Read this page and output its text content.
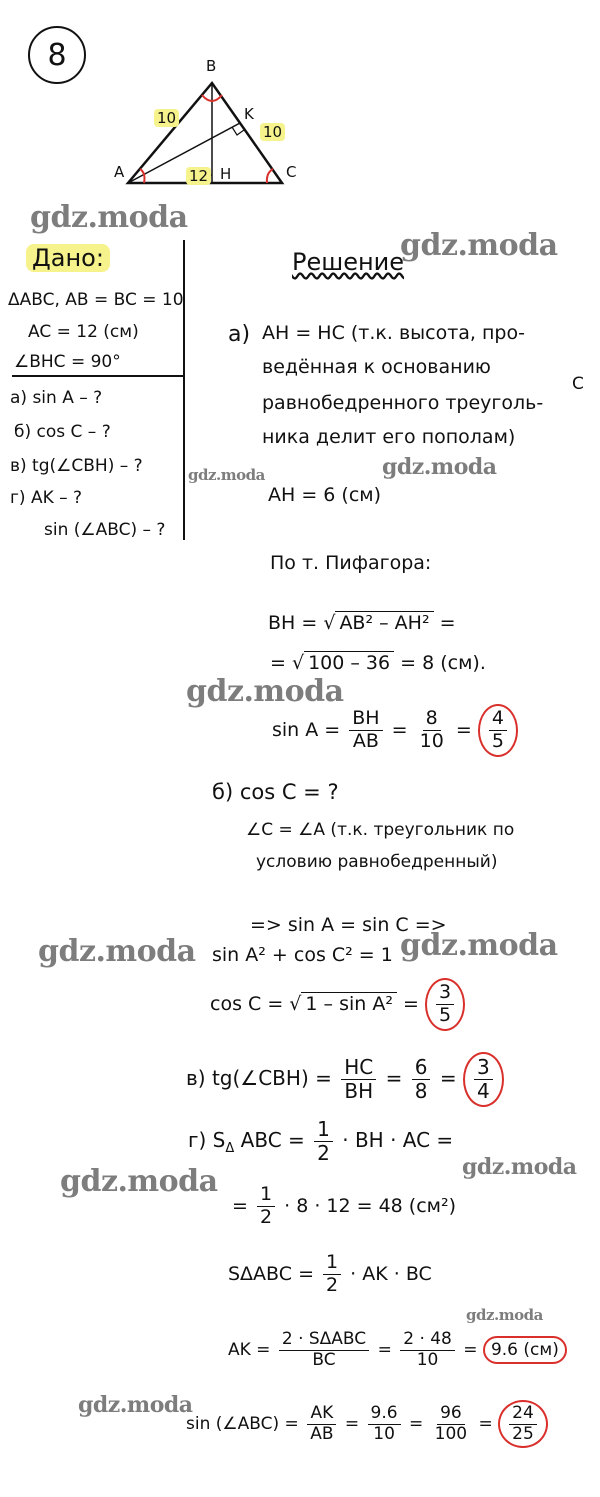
8	B
A	C
K
H
10
10
12
Дано:
ΔABC, AB = BC = 10
AC = 12 (см)
∠BHC = 90°
а) sin A – ?
б) cos C – ?
в) tg(∠CBH) – ?
г) AK – ?
sin (∠ABC) – ?
Решение
а) AH = HC (т.к. высота, про-
ведённая к основанию
равнобедренного треуголь-
C
ника делит его пополам)
AH = 6 (см)
По т. Пифагора:
BH = √ AB² – AH² =
= √ 100 – 36 = 8 (см).
$\sin A = \frac{BH}{AB} = \frac{8}{10} = \frac{4}{5}$
б) cos C = ?
∠C = ∠A (т.к. треугольник по
условию равнобедренный)
=> sin A = sin C =>
sin A² + cos C² = 1
cos C = √ $1 - \sin A^2 = \frac{3}{5}$
в) tg(∠CBH) = $\frac{HC}{BH} = \frac{6}{8} = \frac{3}{4}$
г) $S_\Delta$ ABC = $\frac{1}{2}$ · BH · AC =
= $\frac{1}{2} \cdot 8 \cdot 12 = 48$ (см²)
$S\Delta ABC = \frac{1}{2}$ · AK · BC
AK = $\frac{\text{2 · SΔABC}}{BC} = \frac{2 \cdot 48}{10} = 9.6$ (см)
sin (∠ABC) = $\frac{AK}{AB} = \frac{9.6}{10} = \frac{96}{100} = \frac{24}{25}$
gdz.moda
gdz.moda
gdz.moda	gdz.moda
gdz.moda
gdz.moda	gdz.moda
gdz.moda	gdz.moda
gdz.moda
gdz.moda
